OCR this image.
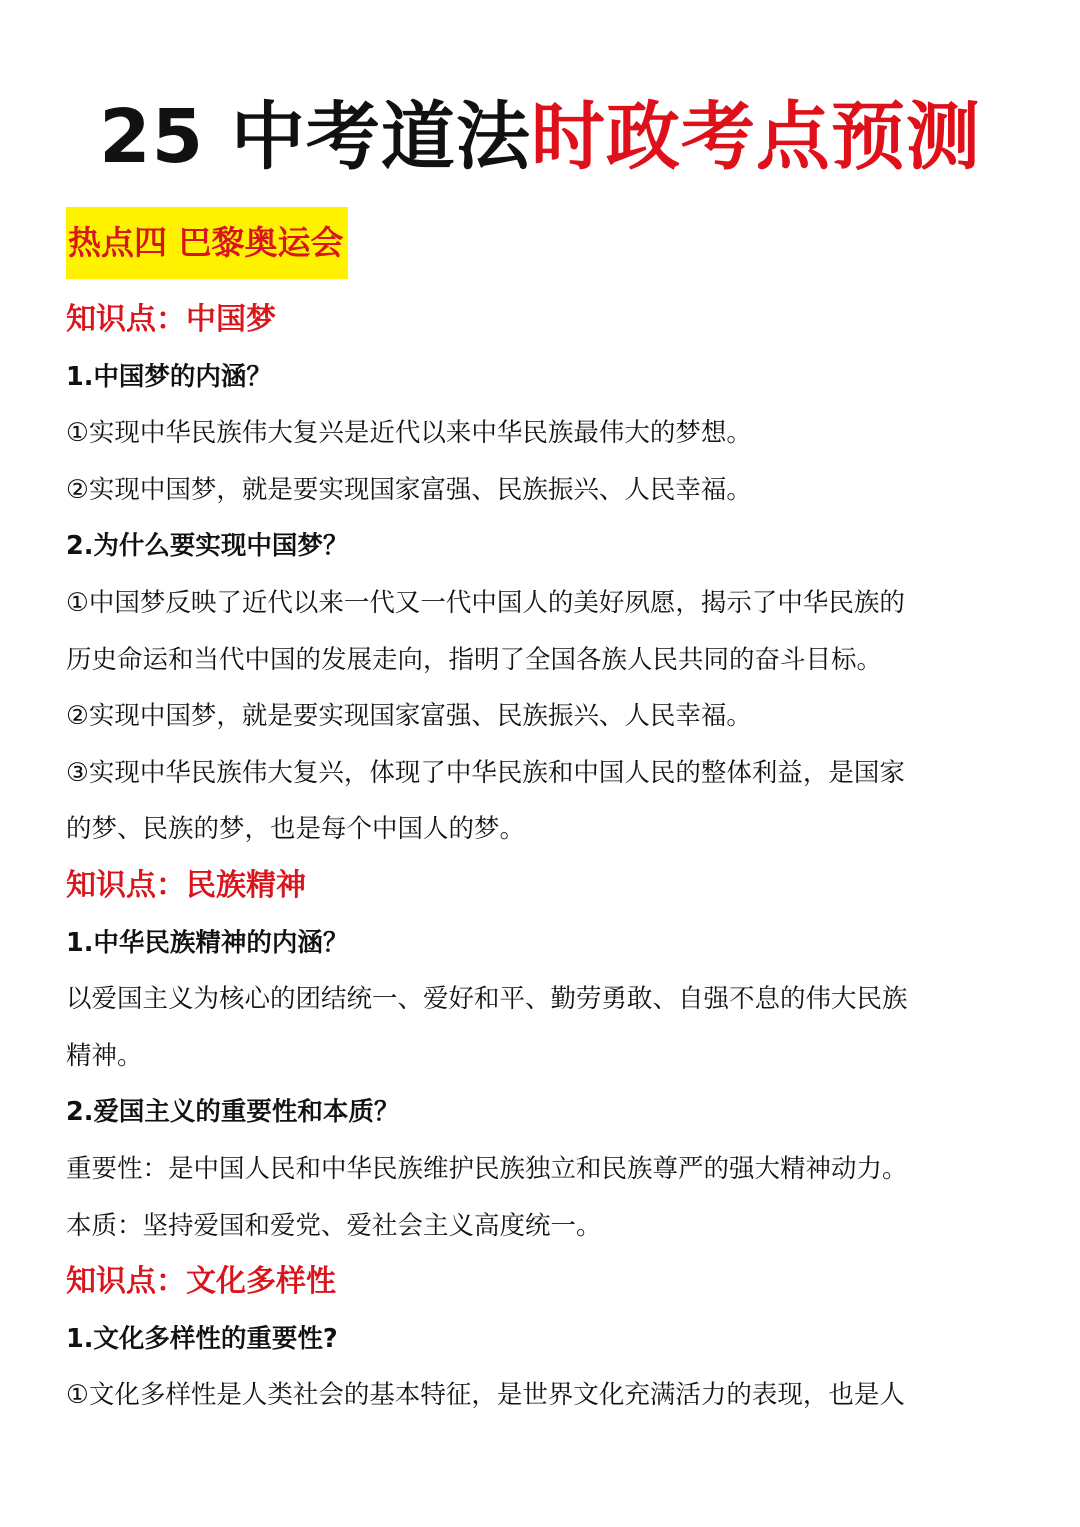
25 中考道法时政考点预测
热点四 巴黎奥运会
知识点：中国梦
1.中国梦的内涵？
①实现中华民族伟大复兴是近代以来中华民族最伟大的梦想。
②实现中国梦，就是要实现国家富强、民族振兴、人民幸福。
2.为什么要实现中国梦？
①中国梦反映了近代以来一代又一代中国人的美好夙愿，揭示了中华民族的
历史命运和当代中国的发展走向，指明了全国各族人民共同的奋斗目标。
②实现中国梦，就是要实现国家富强、民族振兴、人民幸福。
③实现中华民族伟大复兴，体现了中华民族和中国人民的整体利益，是国家
的梦、民族的梦，也是每个中国人的梦。
知识点：民族精神
1.中华民族精神的内涵？
以爱国主义为核心的团结统一、爱好和平、勤劳勇敢、自强不息的伟大民族
精神。
2.爱国主义的重要性和本质？
重要性：是中国人民和中华民族维护民族独立和民族尊严的强大精神动力。
本质：坚持爱国和爱党、爱社会主义高度统一。
知识点：文化多样性
1.文化多样性的重要性?
①文化多样性是人类社会的基本特征，是世界文化充满活力的表现，也是人
